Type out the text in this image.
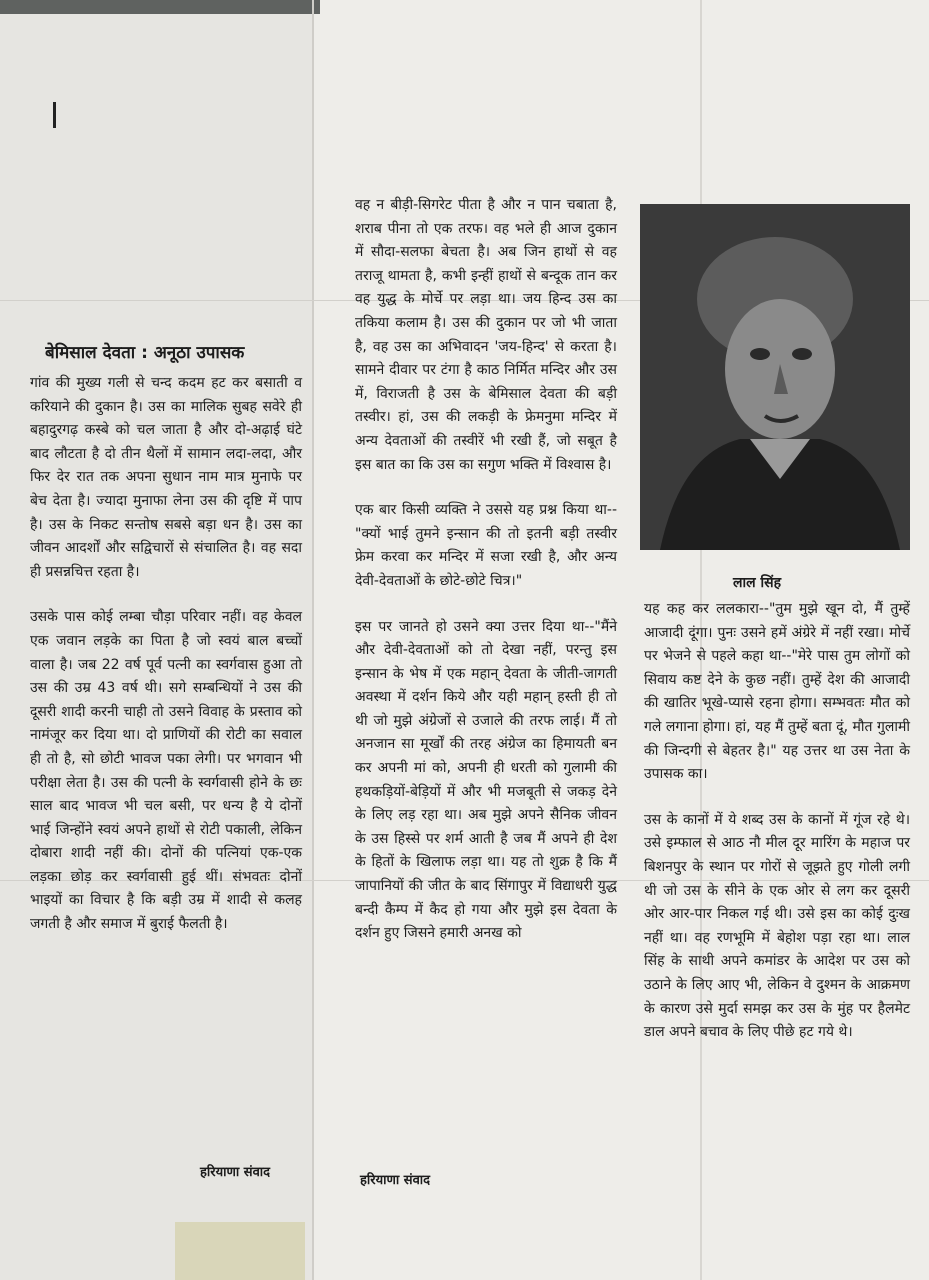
बेमिसाल देवता : अनूठा उपासक

गांव की मुख्य गली से चन्द कदम हट कर बसाती व करियाने की दुकान है। उस का मालिक सुबह सवेरे ही बहादुरगढ़ कस्बे को चल जाता है और दो-अढ़ाई घंटे बाद लौटता है दो तीन थैलों में सामान लदा-लदा, और फिर देर रात तक अपना सुधान नाम मात्र मुनाफे पर बेच देता है। ज्यादा मुनाफा लेना उस की दृष्टि में पाप है। उस के निकट सन्तोष सबसे बड़ा धन है। उस का जीवन आदर्शों और सद्विचारों से संचालित है। वह सदा ही प्रसन्नचित्त रहता है।

उसके पास कोई लम्बा चौड़ा परिवार नहीं। वह केवल एक जवान लड़के का पिता है जो स्वयं बाल बच्चों वाला है। जब 22 वर्ष पूर्व पत्नी का स्वर्गवास हुआ तो उस की उम्र 43 वर्ष थी। सगे सम्बन्धियों ने उस की दूसरी शादी करनी चाही तो उसने विवाह के प्रस्ताव को नामंजूर कर दिया था। दो प्राणियों की रोटी का सवाल ही तो है, सो छोटी भावज पका लेगी। पर भगवान भी परीक्षा लेता है। उस की पत्नी के स्वर्गवासी होने के छः साल बाद भावज भी चल बसी, पर धन्य है ये दोनों भाई जिन्होंने स्वयं अपने हाथों से रोटी पकाली, लेकिन दोबारा शादी नहीं की। दोनों की पत्नियां एक-एक लड़का छोड़ कर स्वर्गवासी हुई थीं। संभवतः दोनों भाइयों का विचार है कि बड़ी उम्र में शादी से कलह जगती है और समाज में बुराई फैलती है।

हरियाणा संवाद

वह न बीड़ी-सिगरेट पीता है और न पान चबाता है, शराब पीना तो एक तरफ। वह भले ही आज दुकान में सौदा-सलफा बेचता है। अब जिन हाथों से वह तराजू थामता है, कभी इन्हीं हाथों से बन्दूक तान कर वह युद्ध के मोर्चे पर लड़ा था। जय हिन्द उस का तकिया कलाम है। उस की दुकान पर जो भी जाता है, वह उस का अभिवादन 'जय-हिन्द' से करता है। सामने दीवार पर टंगा है काठ निर्मित मन्दिर और उस में, विराजती है उस के बेमिसाल देवता की बड़ी तस्वीर। हां, उस की लकड़ी के फ्रेमनुमा मन्दिर में अन्य देवताओं की तस्वीरें भी रखी हैं, जो सबूत है इस बात का कि उस का सगुण भक्ति में विश्वास है।

एक बार किसी व्यक्ति ने उससे यह प्रश्न किया था--"क्यों भाई तुमने इन्सान की तो इतनी बड़ी तस्वीर फ्रेम करवा कर मन्दिर में सजा रखी है, और अन्य देवी-देवताओं के छोटे-छोटे चित्र।"

इस पर जानते हो उसने क्या उत्तर दिया था--"मैंने और देवी-देवताओं को तो देखा नहीं, परन्तु इस इन्सान के भेष में एक महान् देवता के जीती-जागती अवस्था में दर्शन किये और यही महान् हस्ती ही तो थी जो मुझे अंग्रेजों से उजाले की तरफ लाई। मैं तो अनजान सा मूर्खों की तरह अंग्रेज का हिमायती बन कर अपनी मां को, अपनी ही धरती को गुलामी की हथकड़ियों-बेड़ियों में और भी मजबूती से जकड़ देने के लिए लड़ रहा था। अब मुझे अपने सैनिक जीवन के उस हिस्से पर शर्म आती है जब मैं अपने ही देश के हितों के खिलाफ लड़ा था। यह तो शुक्र है कि मैं जापानियों की जीत के बाद सिंगापुर में विद्याधरी युद्ध बन्दी कैम्प में कैद हो गया और मुझे इस देवता के दर्शन हुए जिसने हमारी अनख को

हरियाणा संवाद
लाल सिंह

यह कह कर ललकारा--"तुम मुझे खून दो, मैं तुम्हें आजादी दूंगा। पुनः उसने हमें अंग्रेरे में नहीं रखा। मोर्चे पर भेजने से पहले कहा था--"मेरे पास तुम लोगों को सिवाय कष्ट देने के कुछ नहीं। तुम्हें देश की आजादी की खातिर भूखे-प्यासे रहना होगा। सम्भवतः मौत को गले लगाना होगा। हां, यह मैं तुम्हें बता दूं, मौत गुलामी की जिन्दगी से बेहतर है।" यह उत्तर था उस नेता के उपासक का।

उस के कानों में ये शब्द उस के कानों में गूंज रहे थे। उसे इम्फाल से आठ नौ मील दूर मारिंग के महाज पर बिशनपुर के स्थान पर गोरों से जूझते हुए गोली लगी थी जो उस के सीने के एक ओर से लग कर दूसरी ओर आर-पार निकल गई थी। उसे इस का कोई दुःख नहीं था। वह रणभूमि में बेहोश पड़ा रहा था। लाल सिंह के साथी अपने कमांडर के आदेश पर उस को उठाने के लिए आए भी, लेकिन वे दुश्मन के आक्रमण के कारण उसे मुर्दा समझ कर उस के मुंह पर हैलमेट डाल अपने बचाव के लिए पीछे हट गये थे।
